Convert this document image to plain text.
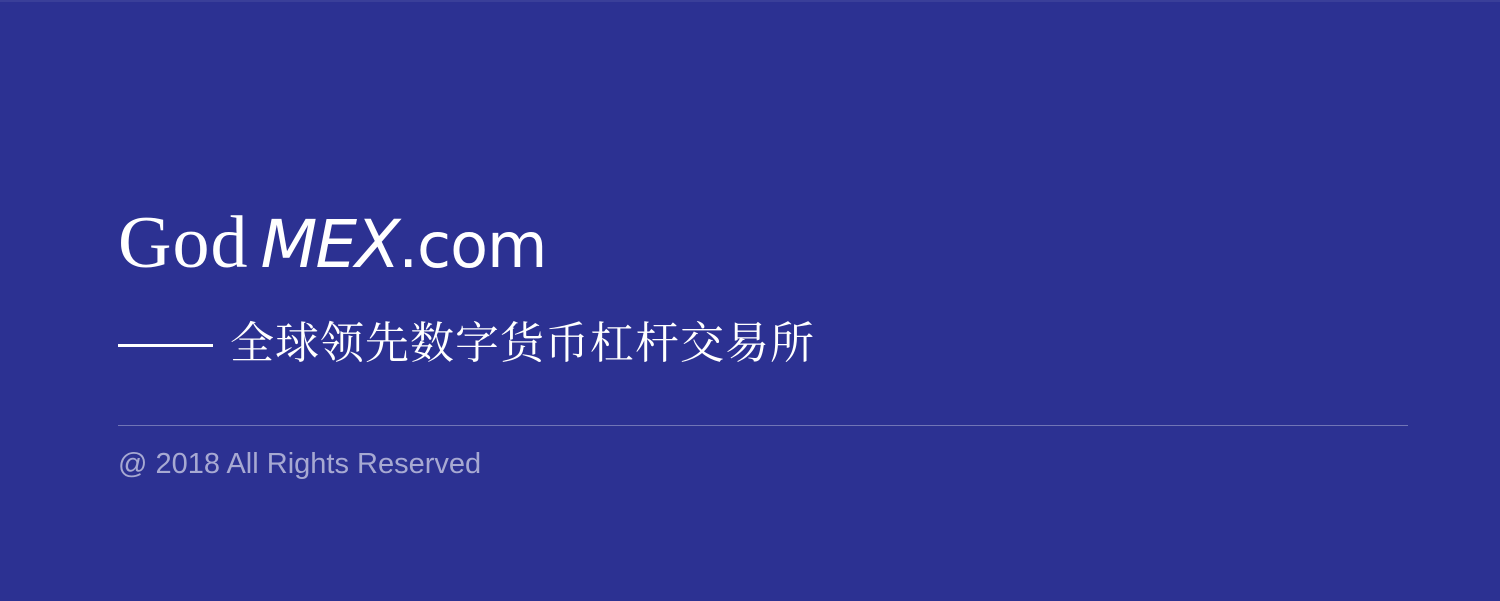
God MEX .com
全球领先数字货币杠杆交易所
@ 2018 All Rights Reserved
